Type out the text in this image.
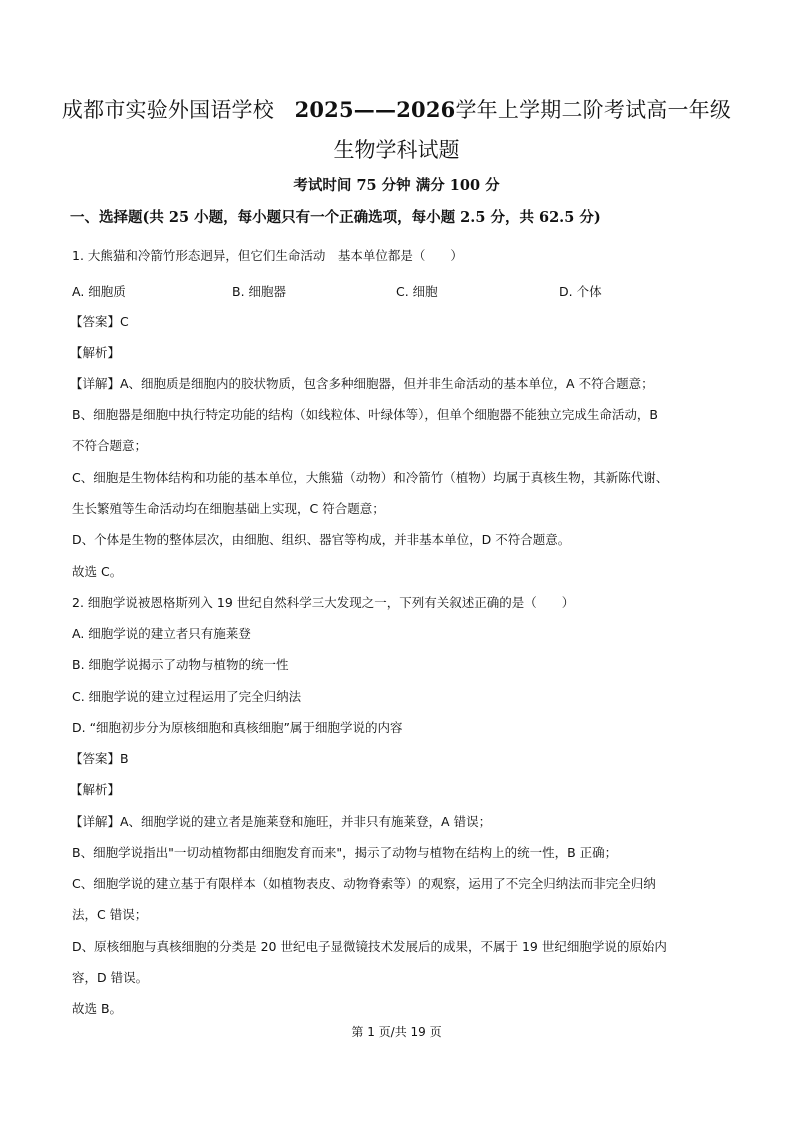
成都市实验外国语学校 2025——2026学年上学期二阶考试高一年级
生物学科试题
考试时间 75 分钟 满分 100 分
一、选择题(共 25 小题，每小题只有一个正确选项，每小题 2.5 分，共 62.5 分)
1. 大熊猫和冷箭竹形态迥异，但它们生命活动　基本单位都是（　　）
A. 细胞质	B. 细胞器	C. 细胞	D. 个体
【答案】C
【解析】
【详解】A、细胞质是细胞内的胶状物质，包含多种细胞器，但并非生命活动的基本单位，A 不符合题意；
B、细胞器是细胞中执行特定功能的结构（如线粒体、叶绿体等），但单个细胞器不能独立完成生命活动，B
不符合题意；
C、细胞是生物体结构和功能的基本单位，大熊猫（动物）和冷箭竹（植物）均属于真核生物，其新陈代谢、
生长繁殖等生命活动均在细胞基础上实现，C 符合题意；
D、个体是生物的整体层次，由细胞、组织、器官等构成，并非基本单位，D 不符合题意。
故选 C。
2. 细胞学说被恩格斯列入 19 世纪自然科学三大发现之一，下列有关叙述正确的是（　　）
A. 细胞学说的建立者只有施莱登
B. 细胞学说揭示了动物与植物的统一性
C. 细胞学说的建立过程运用了完全归纳法
D. “细胞初步分为原核细胞和真核细胞”属于细胞学说的内容
【答案】B
【解析】
【详解】A、细胞学说的建立者是施莱登和施旺，并非只有施莱登，A 错误；
B、细胞学说指出"一切动植物都由细胞发育而来"，揭示了动物与植物在结构上的统一性，B 正确；
C、细胞学说的建立基于有限样本（如植物表皮、动物脊索等）的观察，运用了不完全归纳法而非完全归纳
法，C 错误；
D、原核细胞与真核细胞的分类是 20 世纪电子显微镜技术发展后的成果，不属于 19 世纪细胞学说的原始内
容，D 错误。
故选 B。
第 1 页/共 19 页
